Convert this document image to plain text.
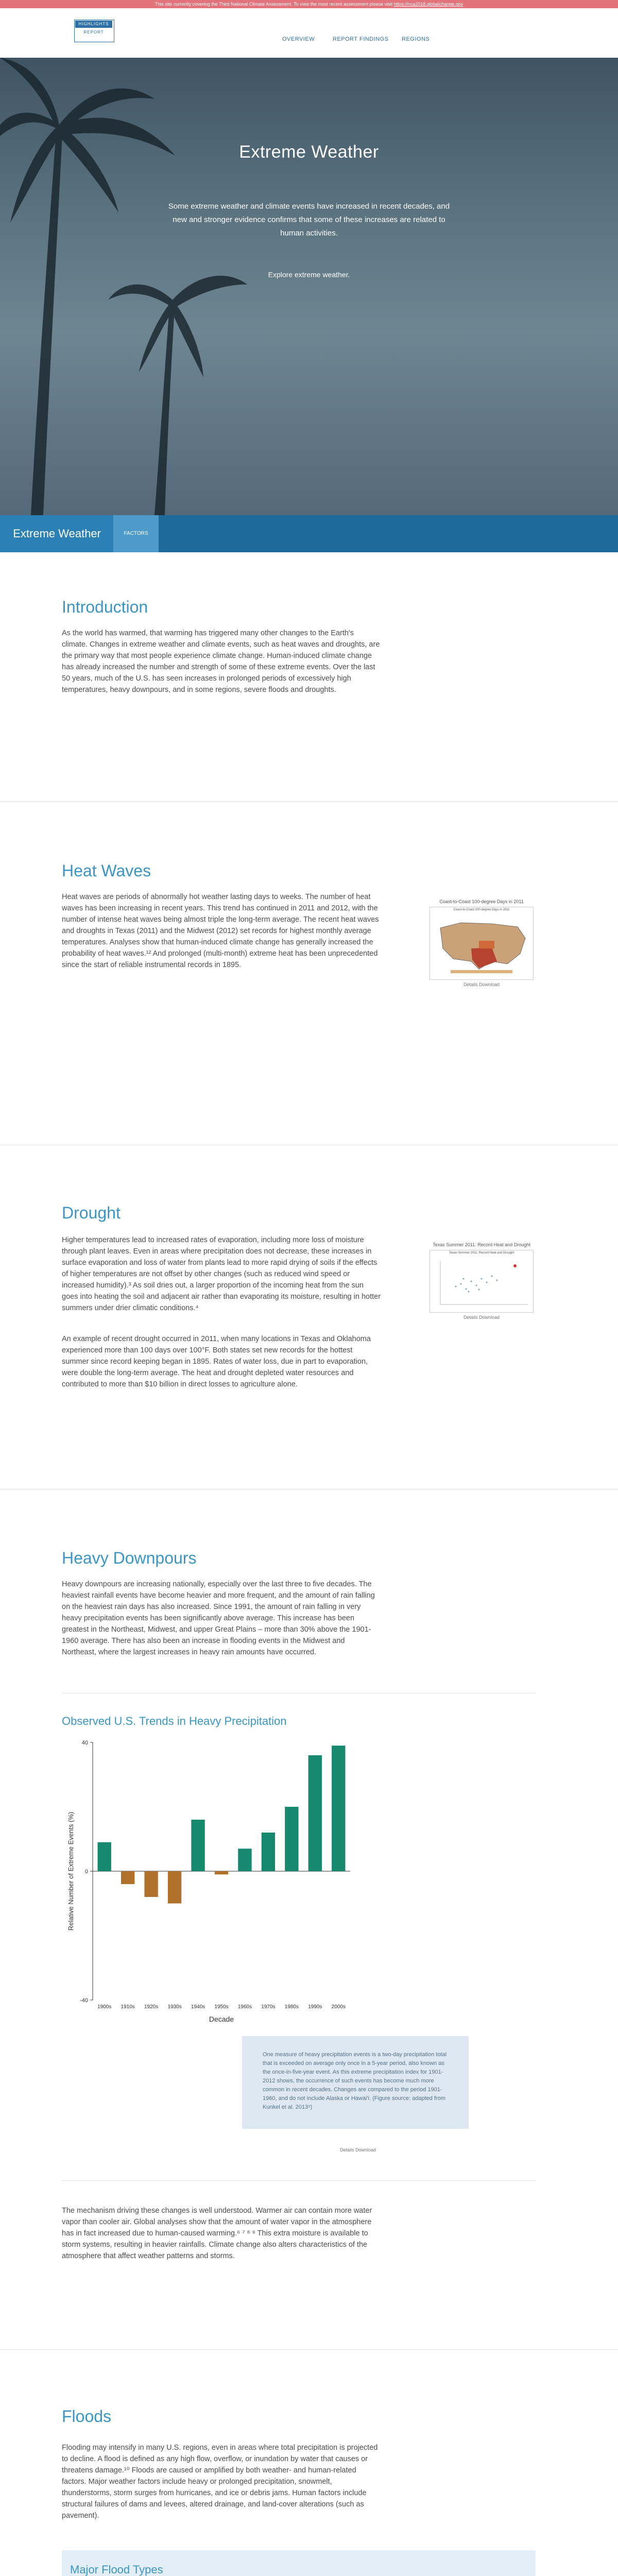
This site currently covering the Third National Climate Assessment. To view the most recent assessment please visit https://nca2018.globalchange.gov
HIGHLIGHTS
REPORT
OVERVIEW	REPORT FINDINGS REGIONS
Extreme Weather
Some extreme weather and climate events have increased in recent decades, and new and stronger evidence confirms that some of these increases are related to human activities.
Explore extreme weather.
Extreme Weather	FACTORS
Introduction

As the world has warmed, that warming has triggered many other changes to the Earth's climate. Changes in extreme weather and climate events, such as heat waves and droughts, are the primary way that most people experience climate change. Human-induced climate change has already increased the number and strength of some of these extreme events. Over the last 50 years, much of the U.S. has seen increases in prolonged periods of excessively high temperatures, heavy downpours, and in some regions, severe floods and droughts.

Heat Waves

Heat waves are periods of abnormally hot weather lasting days to weeks. The number of heat waves has been increasing in recent years. This trend has continued in 2011 and 2012, with the number of intense heat waves being almost triple the long-term average. The recent heat waves and droughts in Texas (2011) and the Midwest (2012) set records for highest monthly average temperatures. Analyses show that human-induced climate change has generally increased the probability of heat waves.¹² And prolonged (multi-month) extreme heat has been unprecedented since the start of reliable instrumental records in 1895.

Coast-to-Coast 100-degree Days in 2011
Coast-to-Coast 100-degree Days in 2011
Details Download
Drought

Higher temperatures lead to increased rates of evaporation, including more loss of moisture through plant leaves. Even in areas where precipitation does not decrease, these increases in surface evaporation and loss of water from plants lead to more rapid drying of soils if the effects of higher temperatures are not offset by other changes (such as reduced wind speed or increased humidity).³ As soil dries out, a larger proportion of the incoming heat from the sun goes into heating the soil and adjacent air rather than evaporating its moisture, resulting in hotter summers under drier climatic conditions.⁴

An example of recent drought occurred in 2011, when many locations in Texas and Oklahoma experienced more than 100 days over 100°F. Both states set new records for the hottest summer since record keeping began in 1895. Rates of water loss, due in part to evaporation, were double the long-term average. The heat and drought depleted water resources and contributed to more than $10 billion in direct losses to agriculture alone.

Texas Summer 2011: Record Heat and Drought
Texas Summer 2011: Record Heat and Drought
Details Download
Heavy Downpours

Heavy downpours are increasing nationally, especially over the last three to five decades. The heaviest rainfall events have become heavier and more frequent, and the amount of rain falling on the heaviest rain days has also increased. Since 1991, the amount of rain falling in very heavy precipitation events has been significantly above average. This increase has been greatest in the Northeast, Midwest, and upper Great Plains – more than 30% above the 1901-1960 average. There has also been an increase in flooding events in the Midwest and Northeast, where the largest increases in heavy rain amounts have occurred.

Observed U.S. Trends in Heavy Precipitation
40
0
-40
1900s 1910s 1920s 1930s 1940s 1950s 1960s 1970s 1980s 1990s 2000s
Decade
Relative Number of Extreme Events (%)
One measure of heavy precipitation events is a two-day precipitation total that is exceeded on average only once in a 5-year period, also known as the once-in-five-year event. As this extreme precipitation index for 1901-2012 shows, the occurrence of such events has become much more common in recent decades. Changes are compared to the period 1901-1960, and do not include Alaska or Hawai'i. (Figure source: adapted from Kunkel et al. 2013⁵)
Details Download

The mechanism driving these changes is well understood. Warmer air can contain more water vapor than cooler air. Global analyses show that the amount of water vapor in the atmosphere has in fact increased due to human-caused warming.⁶ ⁷ ⁸ ⁹ This extra moisture is available to storm systems, resulting in heavier rainfalls. Climate change also alters characteristics of the atmosphere that affect weather patterns and storms.

Floods

Flooding may intensify in many U.S. regions, even in areas where total precipitation is projected to decline. A flood is defined as any high flow, overflow, or inundation by water that causes or threatens damage.¹⁰ Floods are caused or amplified by both weather- and human-related factors. Major weather factors include heavy or prolonged precipitation, snowmelt, thunderstorms, storm surges from hurricanes, and ice or debris jams. Human factors include structural failures of dams and levees, altered drainage, and land-cover alterations (such as pavement).

Major Flood Types
